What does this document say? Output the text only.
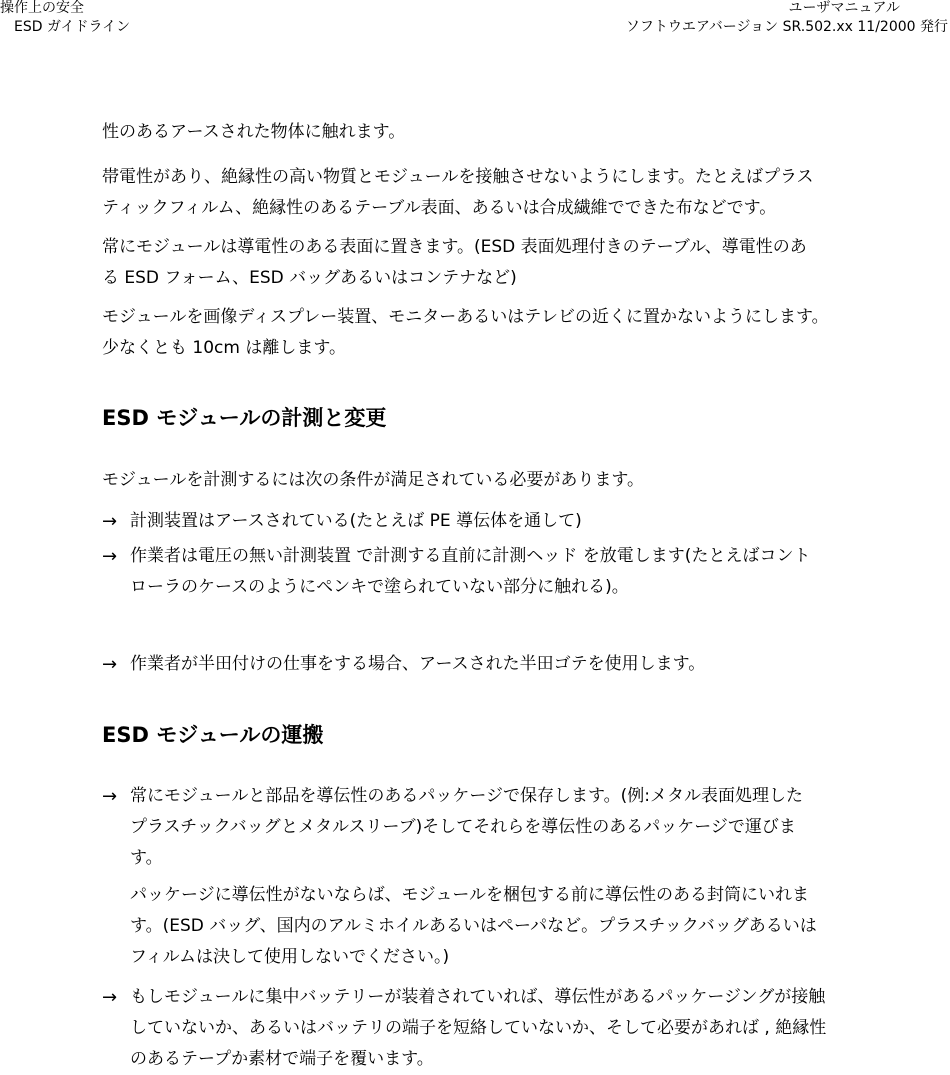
操作上の安全
ESD ガイドライン
ユーザマニュアル
ソフトウエアバージョン SR.502.xx 11/2000 発行
性のあるアースされた物体に触れます。
帯電性があり、絶縁性の高い物質とモジュールを接触させないようにします。たとえばプラス
ティックフィルム、絶縁性のあるテーブル表面、あるいは合成繊維でできた布などです。
常にモジュールは導電性のある表面に置きます。(ESD 表面処理付きのテーブル、導電性のあ
る ESD フォーム、ESD バッグあるいはコンテナなど)
モジュールを画像ディスプレー装置、モニターあるいはテレビの近くに置かないようにします。
少なくとも 10cm は離します。
ESD モジュールの計測と変更
モジュールを計測するには次の条件が満足されている必要があります。
→ 計測装置はアースされている(たとえば PE 導伝体を通して)
→ 作業者は電圧の無い計測装置 で計測する直前に計測ヘッド を放電します(たとえばコント
ローラのケースのようにペンキで塗られていない部分に触れる)。
→ 作業者が半田付けの仕事をする場合、アースされた半田ゴテを使用します。
ESD モジュールの運搬
→ 常にモジュールと部品を導伝性のあるパッケージで保存します。(例:メタル表面処理した
プラスチックバッグとメタルスリーブ)そしてそれらを導伝性のあるパッケージで運びま
す。
パッケージに導伝性がないならば、モジュールを梱包する前に導伝性のある封筒にいれま
す。(ESD バッグ、国内のアルミホイルあるいはペーパなど。プラスチックバッグあるいは
フィルムは決して使用しないでください。)
→ もしモジュールに集中バッテリーが装着されていれば、導伝性があるパッケージングが接触
していないか、あるいはバッテリの端子を短絡していないか、そして必要があれば , 絶縁性
のあるテープか素材で端子を覆います。
